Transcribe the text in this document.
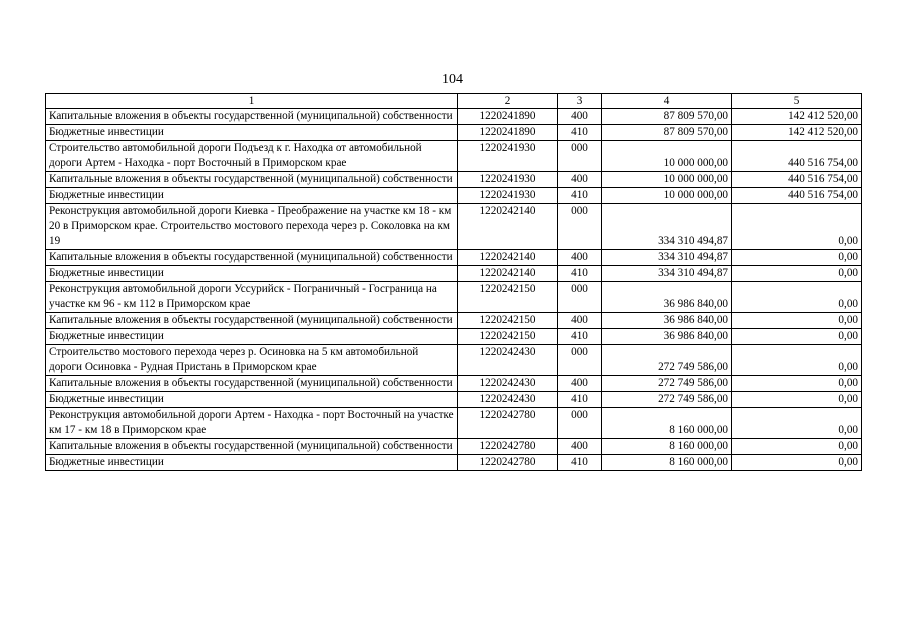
104
1	2	3	4	5
Капитальные вложения в объекты государственной (муниципальной) собственности	1220241890	400	87 809 570,00	142 412 520,00
Бюджетные инвестиции	1220241890	410	87 809 570,00	142 412 520,00
Строительство автомобильной дороги Подъезд к г. Находка от автомобильной дороги Артем - Находка - порт Восточный в Приморском крае	1220241930	000	10 000 000,00	440 516 754,00
Капитальные вложения в объекты государственной (муниципальной) собственности	1220241930	400	10 000 000,00	440 516 754,00
Бюджетные инвестиции	1220241930	410	10 000 000,00	440 516 754,00
Реконструкция автомобильной дороги Киевка - Преображение на участке км 18 - км 20 в Приморском крае. Строительство мостового перехода через р. Соколовка на км 19	1220242140	000	334 310 494,87	0,00
Капитальные вложения в объекты государственной (муниципальной) собственности	1220242140	400	334 310 494,87	0,00
Бюджетные инвестиции	1220242140	410	334 310 494,87	0,00
Реконструкция автомобильной дороги Уссурийск - Пограничный - Госграница на участке км 96 - км 112 в Приморском крае	1220242150	000	36 986 840,00	0,00
Капитальные вложения в объекты государственной (муниципальной) собственности	1220242150	400	36 986 840,00	0,00
Бюджетные инвестиции	1220242150	410	36 986 840,00	0,00
Строительство мостового перехода через р. Осиновка на 5 км автомобильной дороги Осиновка - Рудная Пристань в Приморском крае	1220242430	000	272 749 586,00	0,00
Капитальные вложения в объекты государственной (муниципальной) собственности	1220242430	400	272 749 586,00	0,00
Бюджетные инвестиции	1220242430	410	272 749 586,00	0,00
Реконструкция автомобильной дороги Артем - Находка - порт Восточный на участке км 17 - км 18 в Приморском крае	1220242780	000	8 160 000,00	0,00
Капитальные вложения в объекты государственной (муниципальной) собственности	1220242780	400	8 160 000,00	0,00
Бюджетные инвестиции	1220242780	410	8 160 000,00	0,00
